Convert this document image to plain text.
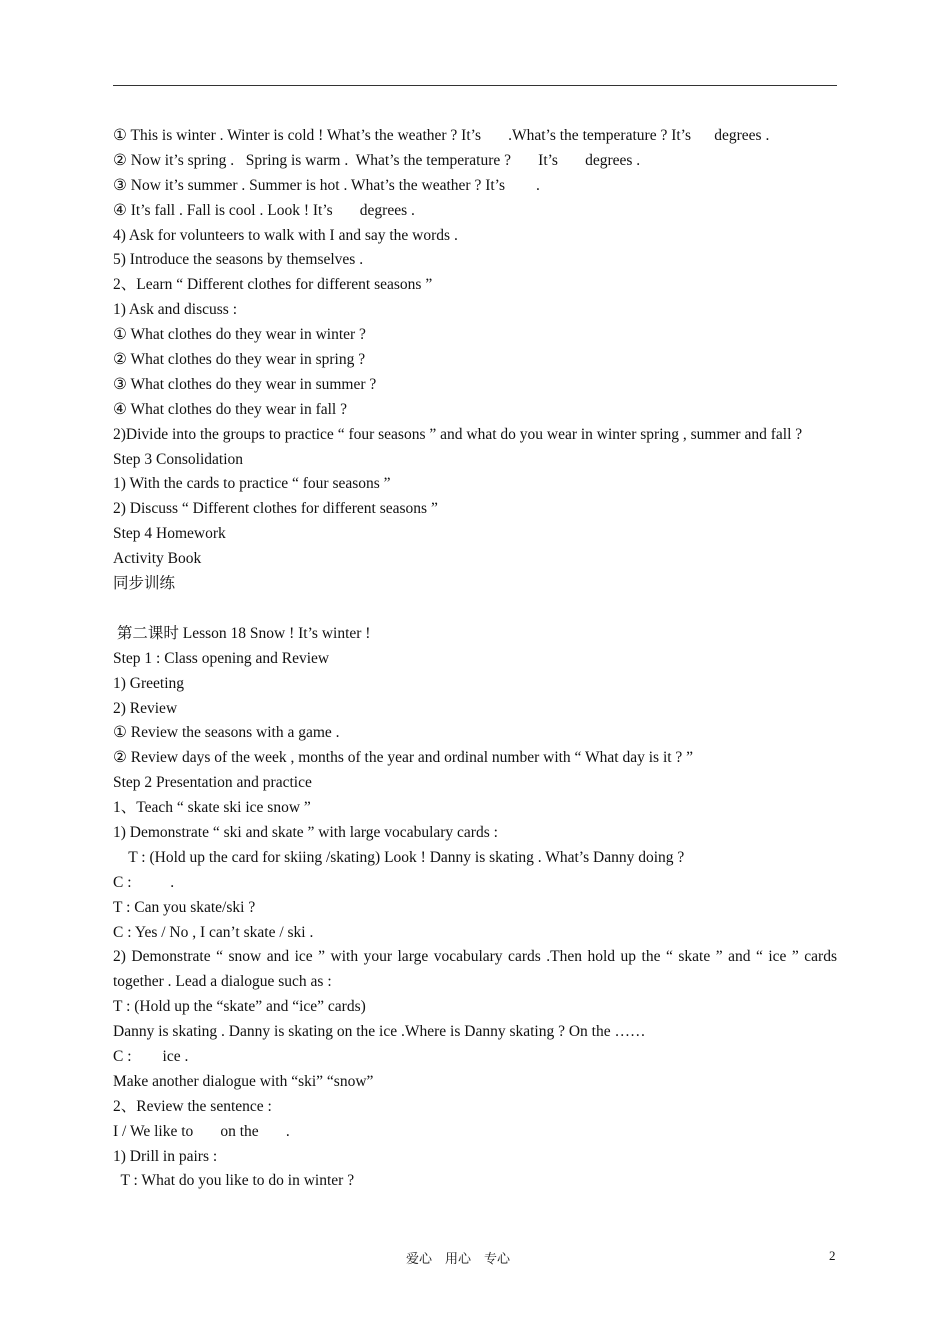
① This is winter . Winter is cold ! What’s the weather ? It’s       .What’s the temperature ? It’s      degrees .
② Now it’s spring .   Spring is warm .  What’s the temperature ?       It’s       degrees .
③ Now it’s summer . Summer is hot . What’s the weather ? It’s        .
④ It’s fall . Fall is cool . Look ! It’s       degrees .
4) Ask for volunteers to walk with I and say the words .
5) Introduce the seasons by themselves .
2、Learn “ Different clothes for different seasons ”
1) Ask and discuss :
① What clothes do they wear in winter ?
② What clothes do they wear in spring ?
③ What clothes do they wear in summer ?
④ What clothes do they wear in fall ?
2)Divide into the groups to practice “ four seasons ” and what do you wear in winter spring , summer and fall ?
Step 3 Consolidation
1) With the cards to practice “ four seasons ”
2) Discuss “ Different clothes for different seasons ”
Step 4 Homework
Activity Book
同步训练
第二课时 Lesson 18 Snow ! It’s winter !
Step 1 : Class opening and Review
1) Greeting
2) Review
① Review the seasons with a game .
② Review days of the week , months of the year and ordinal number with “ What day is it ? ”
Step 2 Presentation and practice
1、Teach “ skate ski ice snow ”
1) Demonstrate “ ski and skate ” with large vocabulary cards :
T : (Hold up the card for skiing /skating) Look ! Danny is skating . What’s Danny doing ?
C :          .
T : Can you skate/ski ?
C : Yes / No , I can’t skate / ski .
2) Demonstrate “ snow and ice ” with your large vocabulary cards .Then hold up the “ skate ” and “ ice ” cards together . Lead a dialogue such as :
T : (Hold up the “skate” and “ice” cards)
Danny is skating . Danny is skating on the ice .Where is Danny skating ? On the ……
C :        ice .
Make another dialogue with “ski” “snow”
2、Review the sentence :
I / We like to       on the       .
1) Drill in pairs :
T : What do you like to do in winter ?
爱心    用心    专心	2
